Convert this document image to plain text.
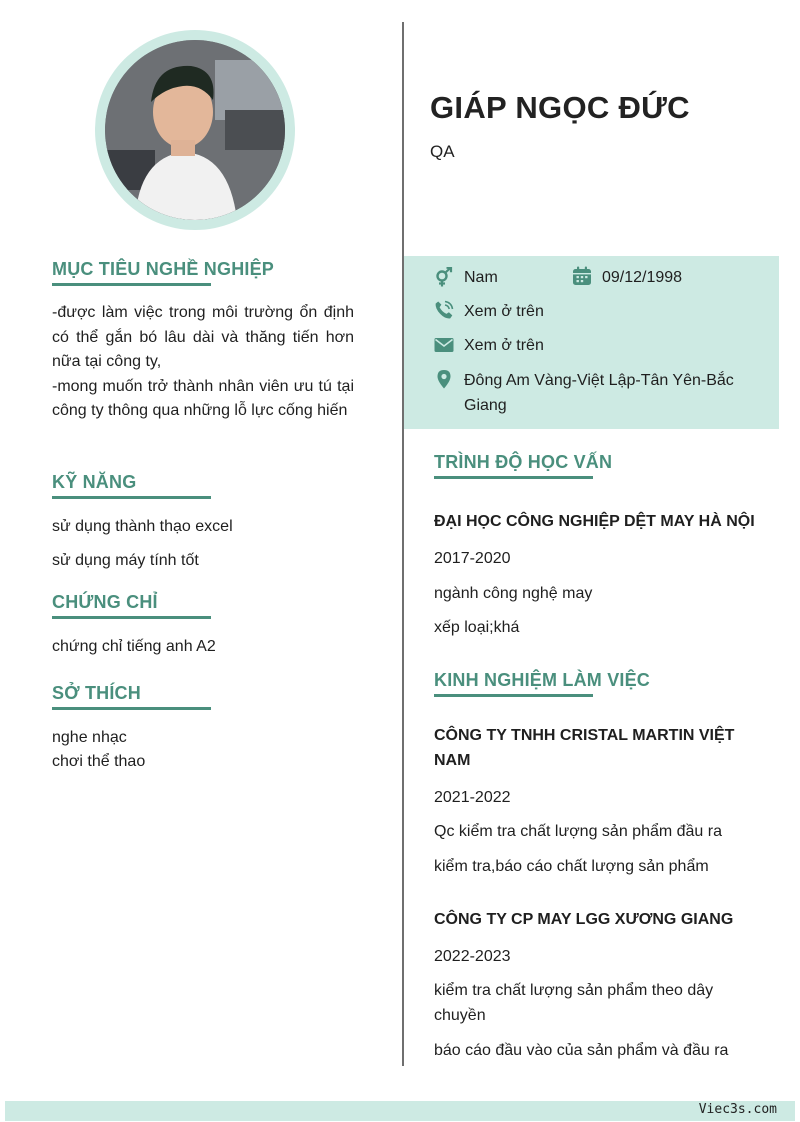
MỤC TIÊU NGHỀ NGHIỆP
-được làm việc trong môi trường ổn định có thể gắn bó lâu dài và thăng tiến hơn nữa tại công ty,
-mong muốn trở thành nhân viên ưu tú tại công ty thông qua những lỗ lực cống hiến
KỸ NĂNG
sử dụng thành thạo excel
sử dụng máy tính tốt
CHỨNG CHỈ
chứng chỉ tiếng anh A2
SỞ THÍCH
nghe nhạc
chơi thể thao
GIÁP NGỌC ĐỨC
QA
Nam	09/12/1998
Xem ở trên
Xem ở trên
Đông Am Vàng-Việt Lập-Tân Yên-Bắc Giang
TRÌNH ĐỘ HỌC VẤN
ĐẠI HỌC CÔNG NGHIỆP DỆT MAY HÀ NỘI
2017-2020
ngành công nghệ may
xếp loại;khá
KINH NGHIỆM LÀM VIỆC
CÔNG TY TNHH CRISTAL MARTIN VIỆT NAM
2021-2022
Qc kiểm tra chất lượng sản phẩm đầu ra
kiểm tra,báo cáo chất lượng sản phẩm
CÔNG TY CP MAY LGG XƯƠNG GIANG
2022-2023
kiểm tra chất lượng sản phẩm theo dây chuyền
báo cáo đầu vào của sản phẩm và đầu ra
Viec3s.com
